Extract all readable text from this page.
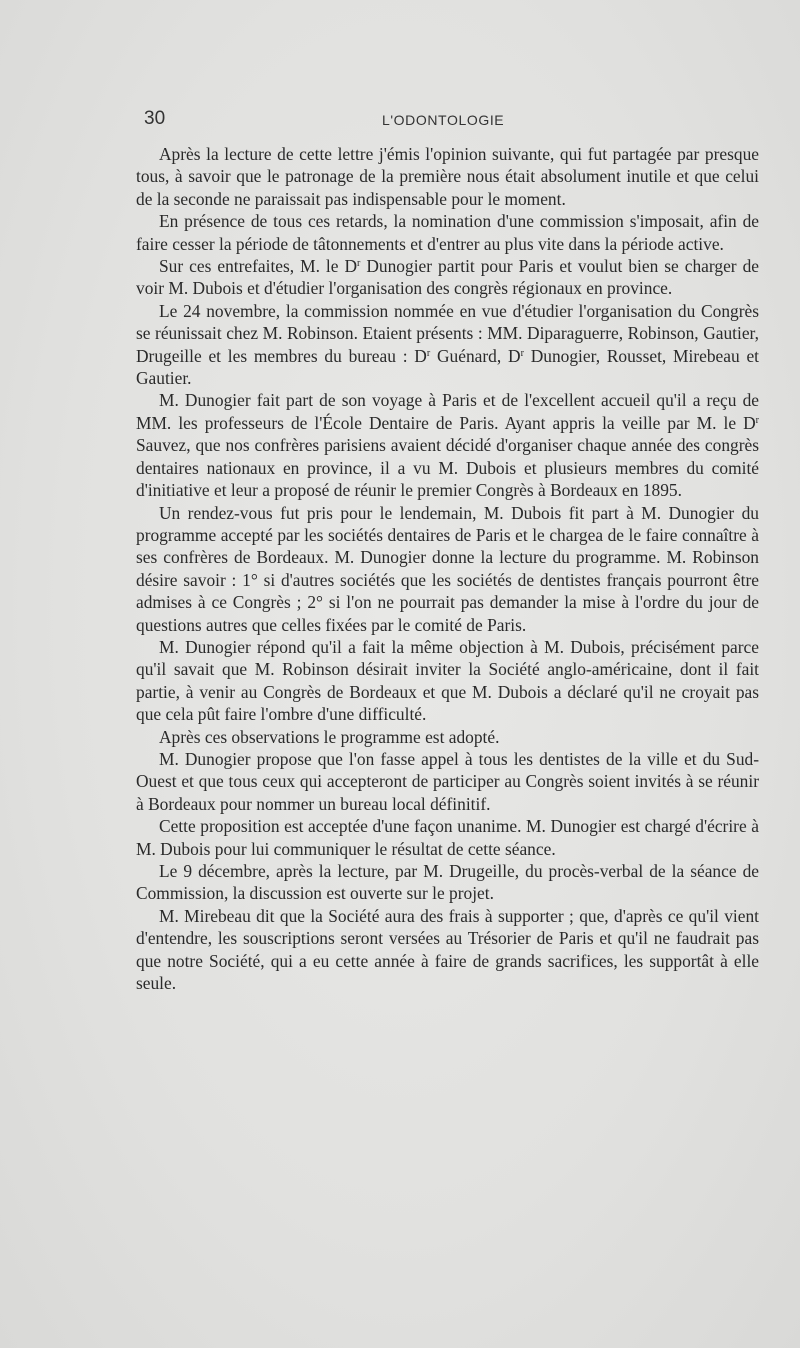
30	L'ODONTOLOGIE

Après la lecture de cette lettre j'émis l'opinion suivante, qui fut partagée par presque tous, à savoir que le patronage de la première nous était absolument inutile et que celui de la seconde ne paraissait pas indispensable pour le moment.

En présence de tous ces retards, la nomination d'une commission s'imposait, afin de faire cesser la période de tâtonnements et d'entrer au plus vite dans la période active.

Sur ces entrefaites, M. le $D^r$ Dunogier partit pour Paris et voulut bien se charger de voir M. Dubois et d'étudier l'organisation des congrès régionaux en province.

Le 24 novembre, la commission nommée en vue d'étudier l'organisation du Congrès se réunissait chez M. Robinson. Etaient présents : MM. Diparaguerre, Robinson, Gautier, Drugeille et les membres du bureau : $D^r$ Guénard, $D^r$ Dunogier, Rousset, Mirebeau et Gautier.

M. Dunogier fait part de son voyage à Paris et de l'excellent accueil qu'il a reçu de MM. les professeurs de l'École Dentaire de Paris. Ayant appris la veille par M. le $D^r$ Sauvez, que nos confrères parisiens avaient décidé d'organiser chaque année des congrès dentaires nationaux en province, il a vu M. Dubois et plusieurs membres du comité d'initiative et leur a proposé de réunir le premier Congrès à Bordeaux en 1895.

Un rendez-vous fut pris pour le lendemain, M. Dubois fit part à M. Dunogier du programme accepté par les sociétés dentaires de Paris et le chargea de le faire connaître à ses confrères de Bordeaux. M. Dunogier donne la lecture du programme. M. Robinson désire savoir : 1° si d'autres sociétés que les sociétés de dentistes français pourront être admises à ce Congrès ; 2° si l'on ne pourrait pas demander la mise à l'ordre du jour de questions autres que celles fixées par le comité de Paris.

M. Dunogier répond qu'il a fait la même objection à M. Dubois, précisément parce qu'il savait que M. Robinson désirait inviter la Société anglo-américaine, dont il fait partie, à venir au Congrès de Bordeaux et que M. Dubois a déclaré qu'il ne croyait pas que cela pût faire l'ombre d'une difficulté.

Après ces observations le programme est adopté.

M. Dunogier propose que l'on fasse appel à tous les dentistes de la ville et du Sud-Ouest et que tous ceux qui accepteront de participer au Congrès soient invités à se réunir à Bordeaux pour nommer un bureau local définitif.

Cette proposition est acceptée d'une façon unanime. M. Dunogier est chargé d'écrire à M. Dubois pour lui communiquer le résultat de cette séance.

Le 9 décembre, après la lecture, par M. Drugeille, du procès-verbal de la séance de Commission, la discussion est ouverte sur le projet.

M. Mirebeau dit que la Société aura des frais à supporter ; que, d'après ce qu'il vient d'entendre, les souscriptions seront versées au Trésorier de Paris et qu'il ne faudrait pas que notre Société, qui a eu cette année à faire de grands sacrifices, les supportât à elle seule.
